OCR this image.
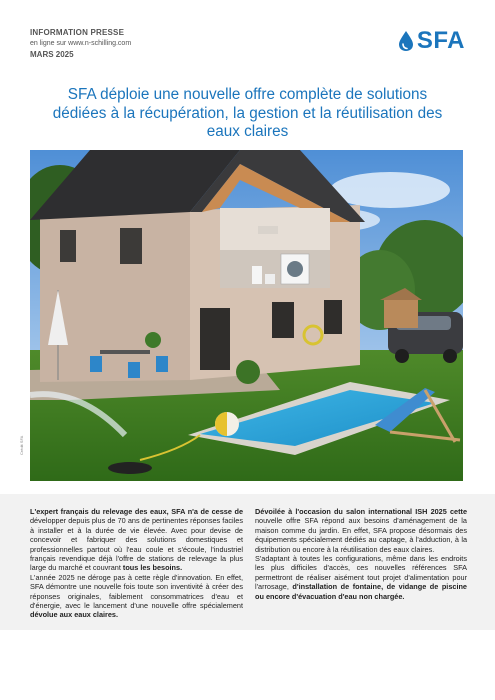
INFORMATION PRESSE
en ligne sur www.n-schilling.com
MARS 2025
SFA
SFA déploie une nouvelle offre complète de solutions dédiées à la récupération, la gestion et la réutilisation des eaux claires
Crédit SFA

L'expert français du relevage des eaux, SFA n'a de cesse de développer depuis plus de 70 ans de pertinentes réponses faciles à installer et à la durée de vie élevée. Avec pour devise de concevoir et fabriquer des solutions domestiques et professionnelles partout où l'eau coule et s'écoule, l'industriel français revendique déjà l'offre de stations de relevage la plus large du marché et couvrant tous les besoins.

L'année 2025 ne déroge pas à cette règle d'innovation. En effet, SFA démontre une nouvelle fois toute son inventivité à créer des réponses originales, faiblement consommatrices d'eau et d'énergie, avec le lancement d'une nouvelle offre spécialement dévolue aux eaux claires.

Dévoilée à l'occasion du salon international ISH 2025 cette nouvelle offre SFA répond aux besoins d'aménagement de la maison comme du jardin. En effet, SFA propose désormais des équipements spécialement dédiés au captage, à l'adduction, à la distribution ou encore à la réutilisation des eaux claires.

S'adaptant à toutes les configurations, même dans les endroits les plus difficiles d'accès, ces nouvelles références SFA permettront de réaliser aisément tout projet d'alimentation pour l'arrosage, d'installation de fontaine, de vidange de piscine ou encore d'évacuation d'eau non chargée.
